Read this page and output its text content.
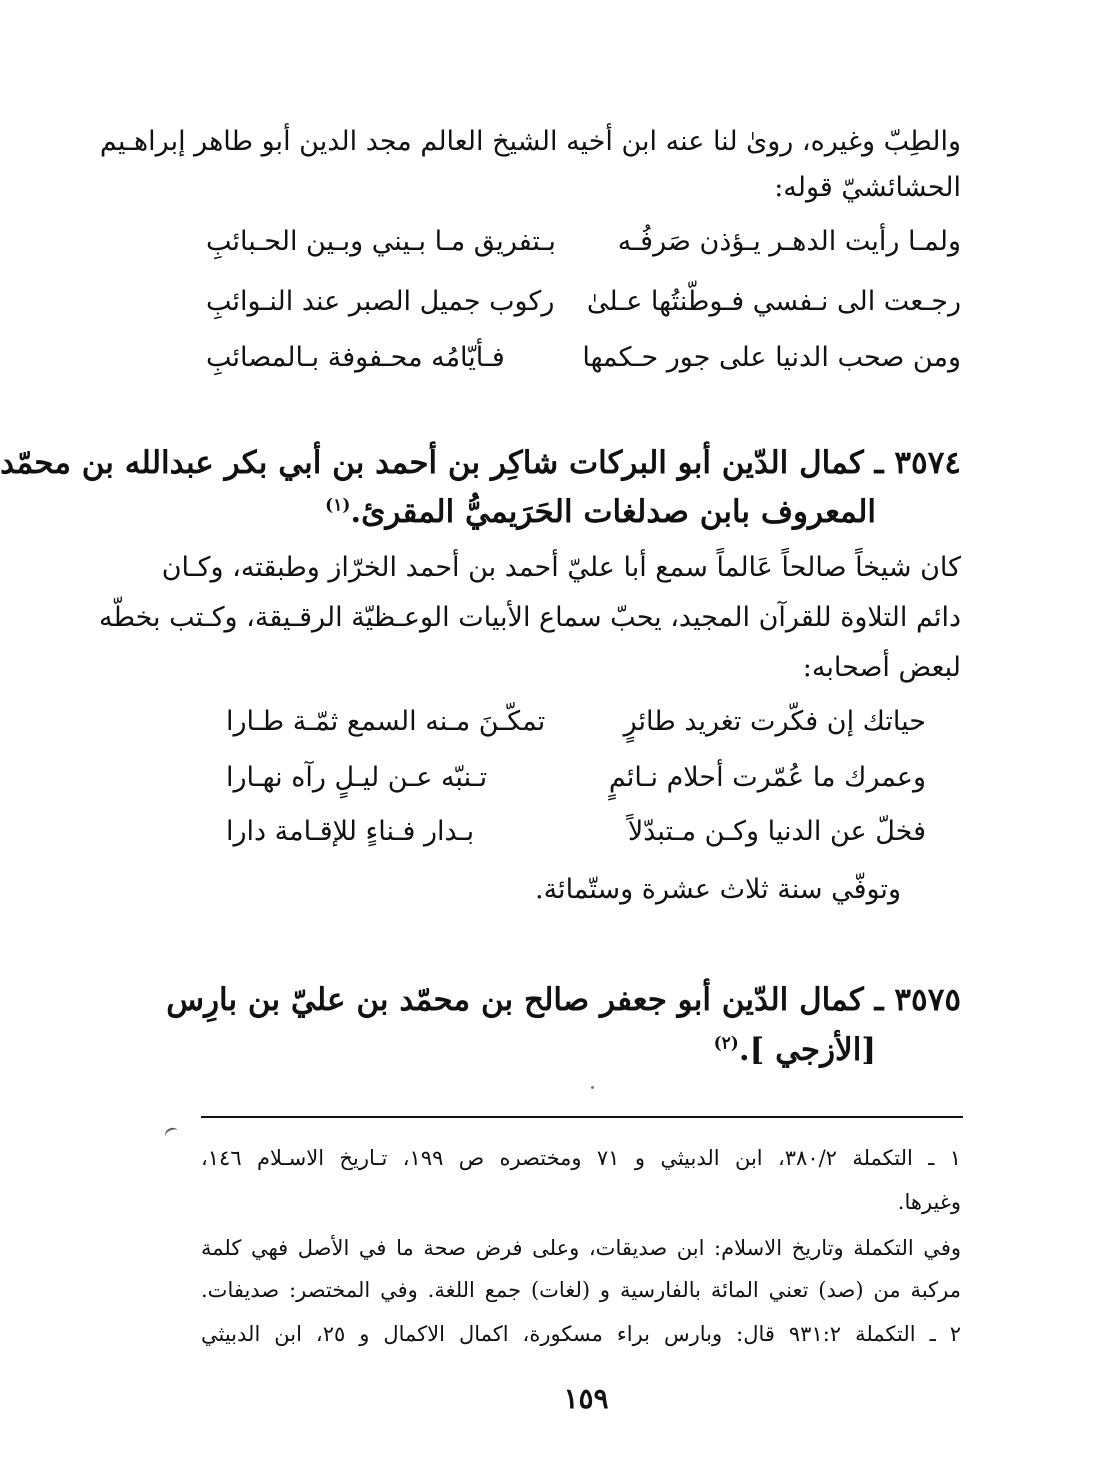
والطِبّ وغيره، روىٰ لنا عنه ابن أخيه الشيخ العالم مجد الدين أبو طاهر إبراهـيم
الحشائشيّ قوله:
ولمـا رأيت الدهـر يـؤذن صَرفُـه
بـتفريق مـا بـيني وبـين الحـبائبِ
رجـعت الى نـفسي فـوطّنتُها عـلىٰ
ركوب جميل الصبر عند النـوائبِ
ومن صحب الدنيا على جور حـكمها
فـأيّامُه محـفوفة بـالمصائبِ
٣٥٧٤ ـ كمال الدّين أبو البركات شاكِر بن أحمد بن أبي بكر عبدالله بن محمّد
المعروف بابن صدلغات الحَرَيميُّ المقرئ.$^{(١)}$
كان شيخاً صالحاً عَالماً سمع أبا عليّ أحمد بن أحمد الخرّاز وطبقته، وكـان
دائم التلاوة للقرآن المجيد، يحبّ سماع الأبيات الوعـظيّة الرقـيقة، وكـتب بخطّه
لبعض أصحابه:
حياتك إن فكّرت تغريد طائرٍ
تمكّـنَ مـنه السمع ثمّـة طـارا
وعمرك ما عُمّرت أحلام نـائمٍ
تـنبّه عـن ليـلٍ رآه نهـارا
فخلّ عن الدنيا وكـن مـتبدّلاً
بـدار فـناءٍ للإقـامة دارا
وتوفّي سنة ثلاث عشرة وستّمائة.
٣٥٧٥ ـ كمال الدّين أبو جعفر صالح بن محمّد بن عليّ بن بارِس
[الأزجي ].$^{(٢)}$
١ ـ التكملة ٣٨٠/٢، ابن الدبيثي و ٧١ ومختصره ص ١٩٩، تـاريخ الاسـلام ١٤٦،
وغيرها.
وفي التكملة وتاريخ الاسلام: ابن صديقات، وعلى فرض صحة ما في الأصل فهي كلمة
مركبة من (صد) تعني المائة بالفارسية و (لغات) جمع اللغة. وفي المختصر: صديفات.
٢ ـ التكملة ٩٣١:٢ قال: وبارس براء مسكورة، اكمال الاكمال و ٢٥، ابن الدبيثي
١٥٩
